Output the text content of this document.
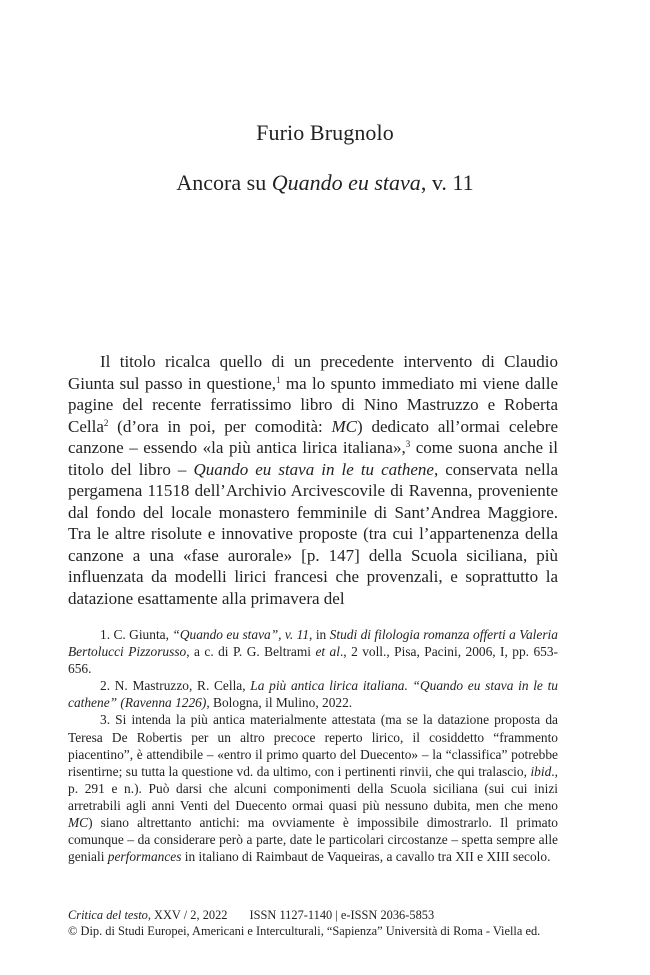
Furio Brugnolo
Ancora su Quando eu stava, v. 11

Il titolo ricalca quello di un precedente intervento di Claudio Giunta sul passo in questione,$^1$ ma lo spunto immediato mi viene dalle pagine del recente ferratissimo libro di Nino Mastruzzo e Roberta Cella$^2$ (d’ora in poi, per comodità: MC) dedicato all’ormai celebre canzone – essendo «la più antica lirica italiana»,$^3$ come suona anche il titolo del libro – Quando eu stava in le tu cathene, conservata nella pergamena 11518 dell’Archivio Arcivescovile di Ravenna, proveniente dal fondo del locale monastero femminile di Sant’Andrea Maggiore. Tra le altre risolute e innovative proposte (tra cui l’appartenenza della canzone a una «fase aurorale» [p. 147] della Scuola siciliana, più influenzata da modelli lirici francesi che provenzali, e soprattutto la datazione esattamente alla primavera del

1. C. Giunta, “Quando eu stava”, v. 11, in Studi di filologia romanza offerti a Valeria Bertolucci Pizzorusso, a c. di P. G. Beltrami et al., 2 voll., Pisa, Pacini, 2006, I, pp. 653-656.

2. N. Mastruzzo, R. Cella, La più antica lirica italiana. “Quando eu stava in le tu cathene” (Ravenna 1226), Bologna, il Mulino, 2022.

3. Si intenda la più antica materialmente attestata (ma se la datazione proposta da Teresa De Robertis per un altro precoce reperto lirico, il cosiddetto “frammento piacentino”, è attendibile – «entro il primo quarto del Duecento» – la “classifica” potrebbe risentirne; su tutta la questione vd. da ultimo, con i pertinenti rinvii, che qui tralascio, ibid., p. 291 e n.). Può darsi che alcuni componimenti della Scuola siciliana (sui cui inizi arretrabili agli anni Venti del Duecento ormai quasi più nessuno dubita, men che meno MC) siano altrettanto antichi: ma ovviamente è impossibile dimostrarlo. Il primato comunque – da considerare però a parte, date le particolari circostanze – spetta sempre alle geniali performances in italiano di Raimbaut de Vaqueiras, a cavallo tra XII e XIII secolo.

Critica del testo, XXV / 2, 2022 ISSN 1127-1140 | e-ISSN 2036-5853
© Dip. di Studi Europei, Americani e Interculturali, “Sapienza” Università di Roma - Viella ed.
